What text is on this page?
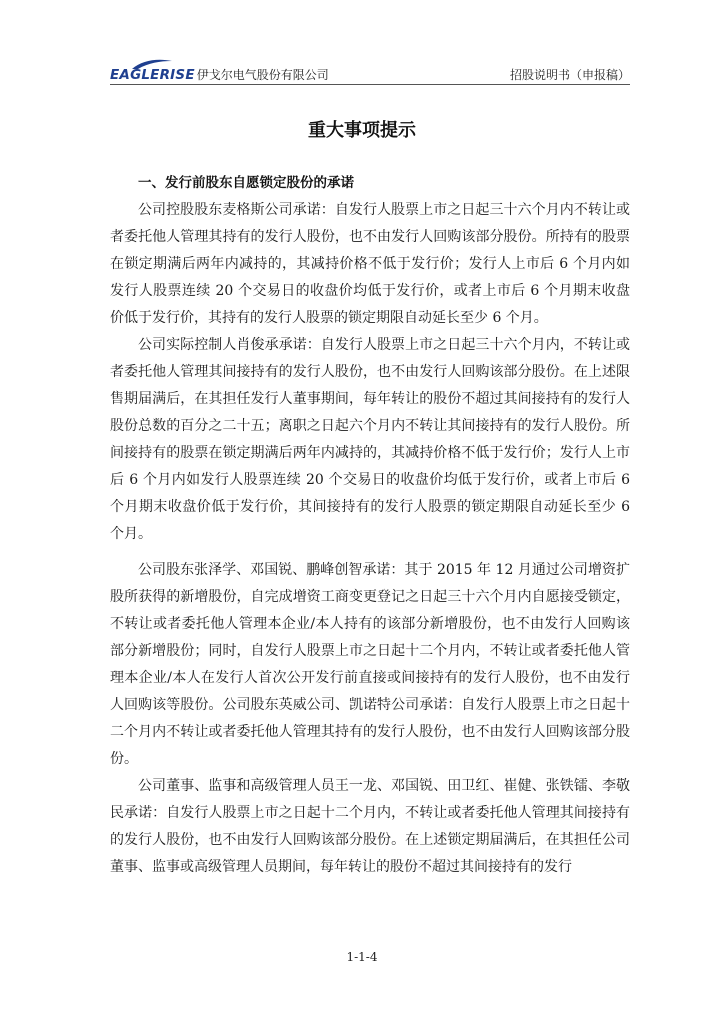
EAGLERISE 伊戈尔电气股份有限公司	招股说明书（申报稿）
重大事项提示
一、发行前股东自愿锁定股份的承诺

公司控股股东麦格斯公司承诺：自发行人股票上市之日起三十六个月内不转让或者委托他人管理其持有的发行人股份，也不由发行人回购该部分股份。所持有的股票在锁定期满后两年内减持的，其减持价格不低于发行价；发行人上市后 6 个月内如发行人股票连续 20 个交易日的收盘价均低于发行价，或者上市后 6 个月期末收盘价低于发行价，其持有的发行人股票的锁定期限自动延长至少 6 个月。

公司实际控制人肖俊承承诺：自发行人股票上市之日起三十六个月内，不转让或者委托他人管理其间接持有的发行人股份，也不由发行人回购该部分股份。在上述限售期届满后，在其担任发行人董事期间，每年转让的股份不超过其间接持有的发行人股份总数的百分之二十五；离职之日起六个月内不转让其间接持有的发行人股份。所间接持有的股票在锁定期满后两年内减持的，其减持价格不低于发行价；发行人上市后 6 个月内如发行人股票连续 20 个交易日的收盘价均低于发行价，或者上市后 6 个月期末收盘价低于发行价，其间接持有的发行人股票的锁定期限自动延长至少 6 个月。

公司股东张泽学、邓国锐、鹏峰创智承诺：其于 2015 年 12 月通过公司增资扩股所获得的新增股份，自完成增资工商变更登记之日起三十六个月内自愿接受锁定，不转让或者委托他人管理本企业/本人持有的该部分新增股份，也不由发行人回购该部分新增股份；同时，自发行人股票上市之日起十二个月内，不转让或者委托他人管理本企业/本人在发行人首次公开发行前直接或间接持有的发行人股份，也不由发行人回购该等股份。公司股东英威公司、凯诺特公司承诺：自发行人股票上市之日起十二个月内不转让或者委托他人管理其持有的发行人股份，也不由发行人回购该部分股份。

公司董事、监事和高级管理人员王一龙、邓国锐、田卫红、崔健、张铁镭、李敬民承诺：自发行人股票上市之日起十二个月内，不转让或者委托他人管理其间接持有的发行人股份，也不由发行人回购该部分股份。在上述锁定期届满后，在其担任公司董事、监事或高级管理人员期间，每年转让的股份不超过其间接持有的发行

1-1-4
